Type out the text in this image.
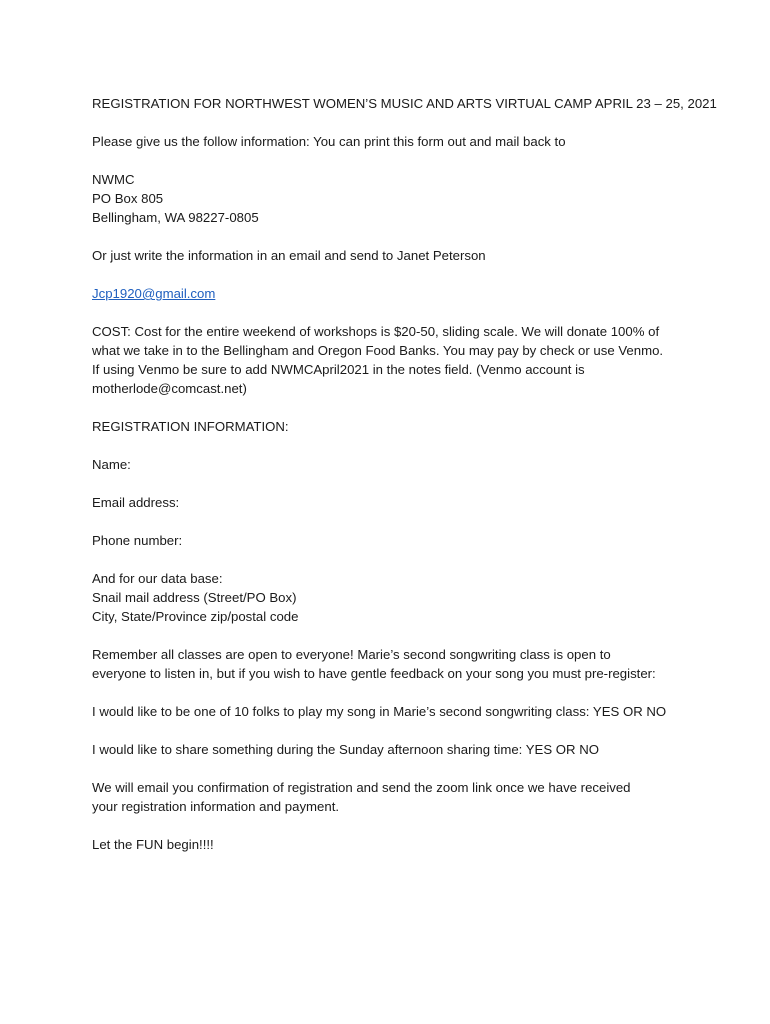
REGISTRATION FOR NORTHWEST WOMEN’S MUSIC AND ARTS VIRTUAL CAMP APRIL 23 – 25, 2021

Please give us the follow information: You can print this form out and mail back to

NWMC
PO Box 805
Bellingham, WA 98227-0805

Or just write the information in an email and send to Janet Peterson

Jcp1920@gmail.com

COST: Cost for the entire weekend of workshops is $20-50, sliding scale. We will donate 100% of
what we take in to the Bellingham and Oregon Food Banks. You may pay by check or use Venmo.
If using Venmo be sure to add NWMCApril2021 in the notes field. (Venmo account is
motherlode@comcast.net)

REGISTRATION INFORMATION:

Name:

Email address:

Phone number:

And for our data base:
Snail mail address (Street/PO Box)
City, State/Province zip/postal code

Remember all classes are open to everyone! Marie’s second songwriting class is open to
everyone to listen in, but if you wish to have gentle feedback on your song you must pre-register:

I would like to be one of 10 folks to play my song in Marie’s second songwriting class: YES OR NO

I would like to share something during the Sunday afternoon sharing time: YES OR NO

We will email you confirmation of registration and send the zoom link once we have received
your registration information and payment.

Let the FUN begin!!!!
